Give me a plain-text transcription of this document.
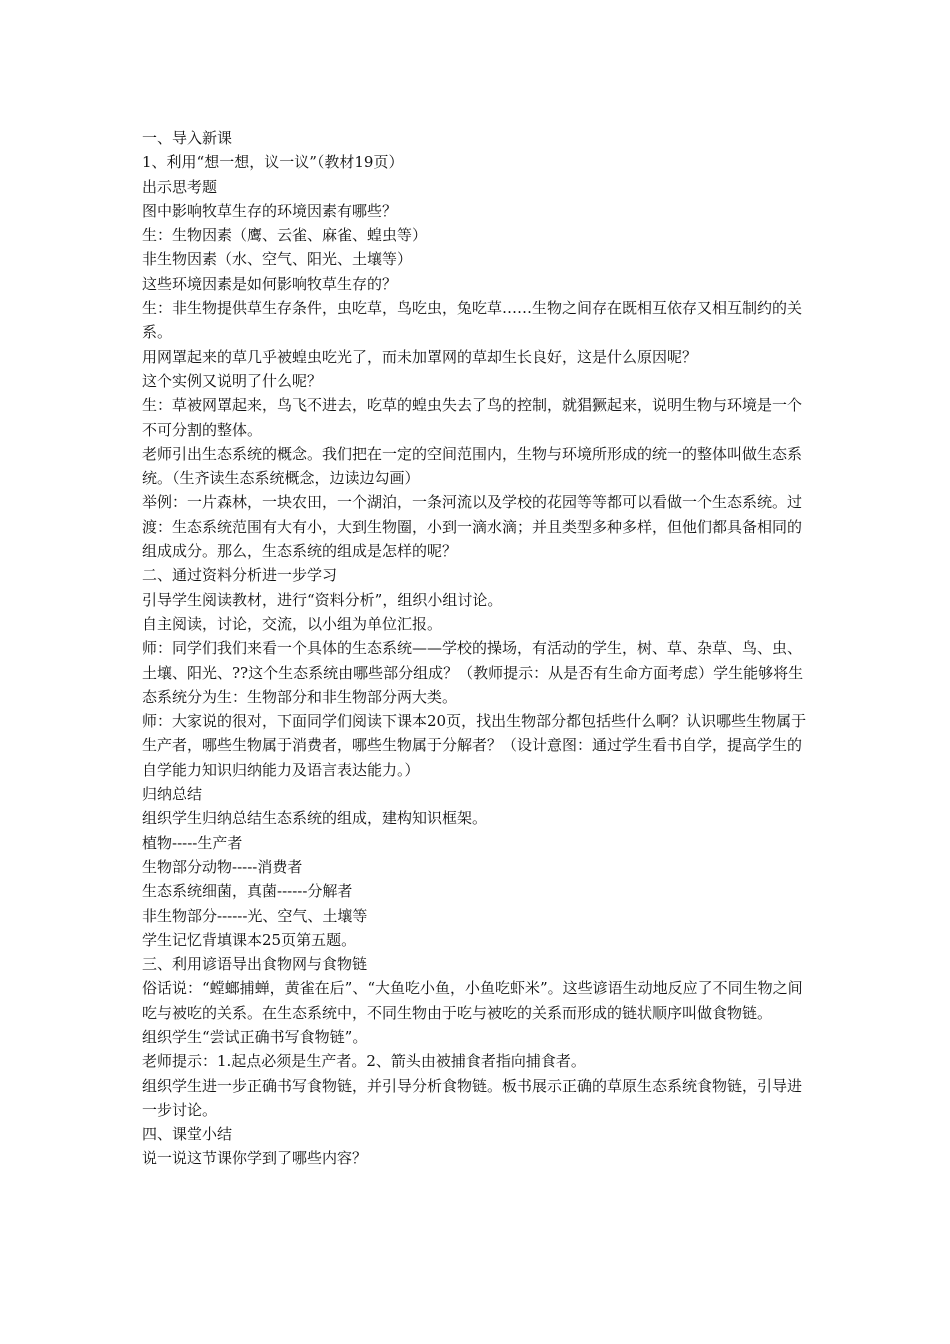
一、导入新课

1、利用“想一想，议一议”（教材19页）

出示思考题

图中影响牧草生存的环境因素有哪些？

生：生物因素（鹰、云雀、麻雀、蝗虫等）

非生物因素（水、空气、阳光、土壤等）

这些环境因素是如何影响牧草生存的？

生：非生物提供草生存条件，虫吃草，鸟吃虫，兔吃草……生物之间存在既相互依存又相互制约的关系。

用网罩起来的草几乎被蝗虫吃光了，而未加罩网的草却生长良好，这是什么原因呢？

这个实例又说明了什么呢？

生：草被网罩起来，鸟飞不进去，吃草的蝗虫失去了鸟的控制，就猖獗起来，说明生物与环境是一个不可分割的整体。

老师引出生态系统的概念。我们把在一定的空间范围内，生物与环境所形成的统一的整体叫做生态系统。（生齐读生态系统概念，边读边勾画）

举例：一片森林，一块农田，一个湖泊，一条河流以及学校的花园等等都可以看做一个生态系统。过渡：生态系统范围有大有小，大到生物圈，小到一滴水滴；并且类型多种多样，但他们都具备相同的组成成分。那么，生态系统的组成是怎样的呢？

二、通过资料分析进一步学习

引导学生阅读教材，进行“资料分析”，组织小组讨论。

自主阅读，讨论，交流，以小组为单位汇报。

师：同学们我们来看一个具体的生态系统——学校的操场，有活动的学生，树、草、杂草、鸟、虫、土壤、阳光、??这个生态系统由哪些部分组成？（教师提示：从是否有生命方面考虑）学生能够将生态系统分为生：生物部分和非生物部分两大类。

师：大家说的很对，下面同学们阅读下课本20页，找出生物部分都包括些什么啊？认识哪些生物属于生产者，哪些生物属于消费者，哪些生物属于分解者？（设计意图：通过学生看书自学，提高学生的自学能力知识归纳能力及语言表达能力。）

归纳总结

组织学生归纳总结生态系统的组成，建构知识框架。

植物-----生产者

生物部分动物-----消费者

生态系统细菌，真菌------分解者

非生物部分------光、空气、土壤等

学生记忆背填课本25页第五题。

三、利用谚语导出食物网与食物链

俗话说：“螳螂捕蝉，黄雀在后”、“大鱼吃小鱼，小鱼吃虾米”。这些谚语生动地反应了不同生物之间吃与被吃的关系。在生态系统中，不同生物由于吃与被吃的关系而形成的链状顺序叫做食物链。

组织学生“尝试正确书写食物链”。

老师提示：1.起点必须是生产者。2、箭头由被捕食者指向捕食者。

组织学生进一步正确书写食物链，并引导分析食物链。板书展示正确的草原生态系统食物链，引导进一步讨论。

四、课堂小结

说一说这节课你学到了哪些内容？
